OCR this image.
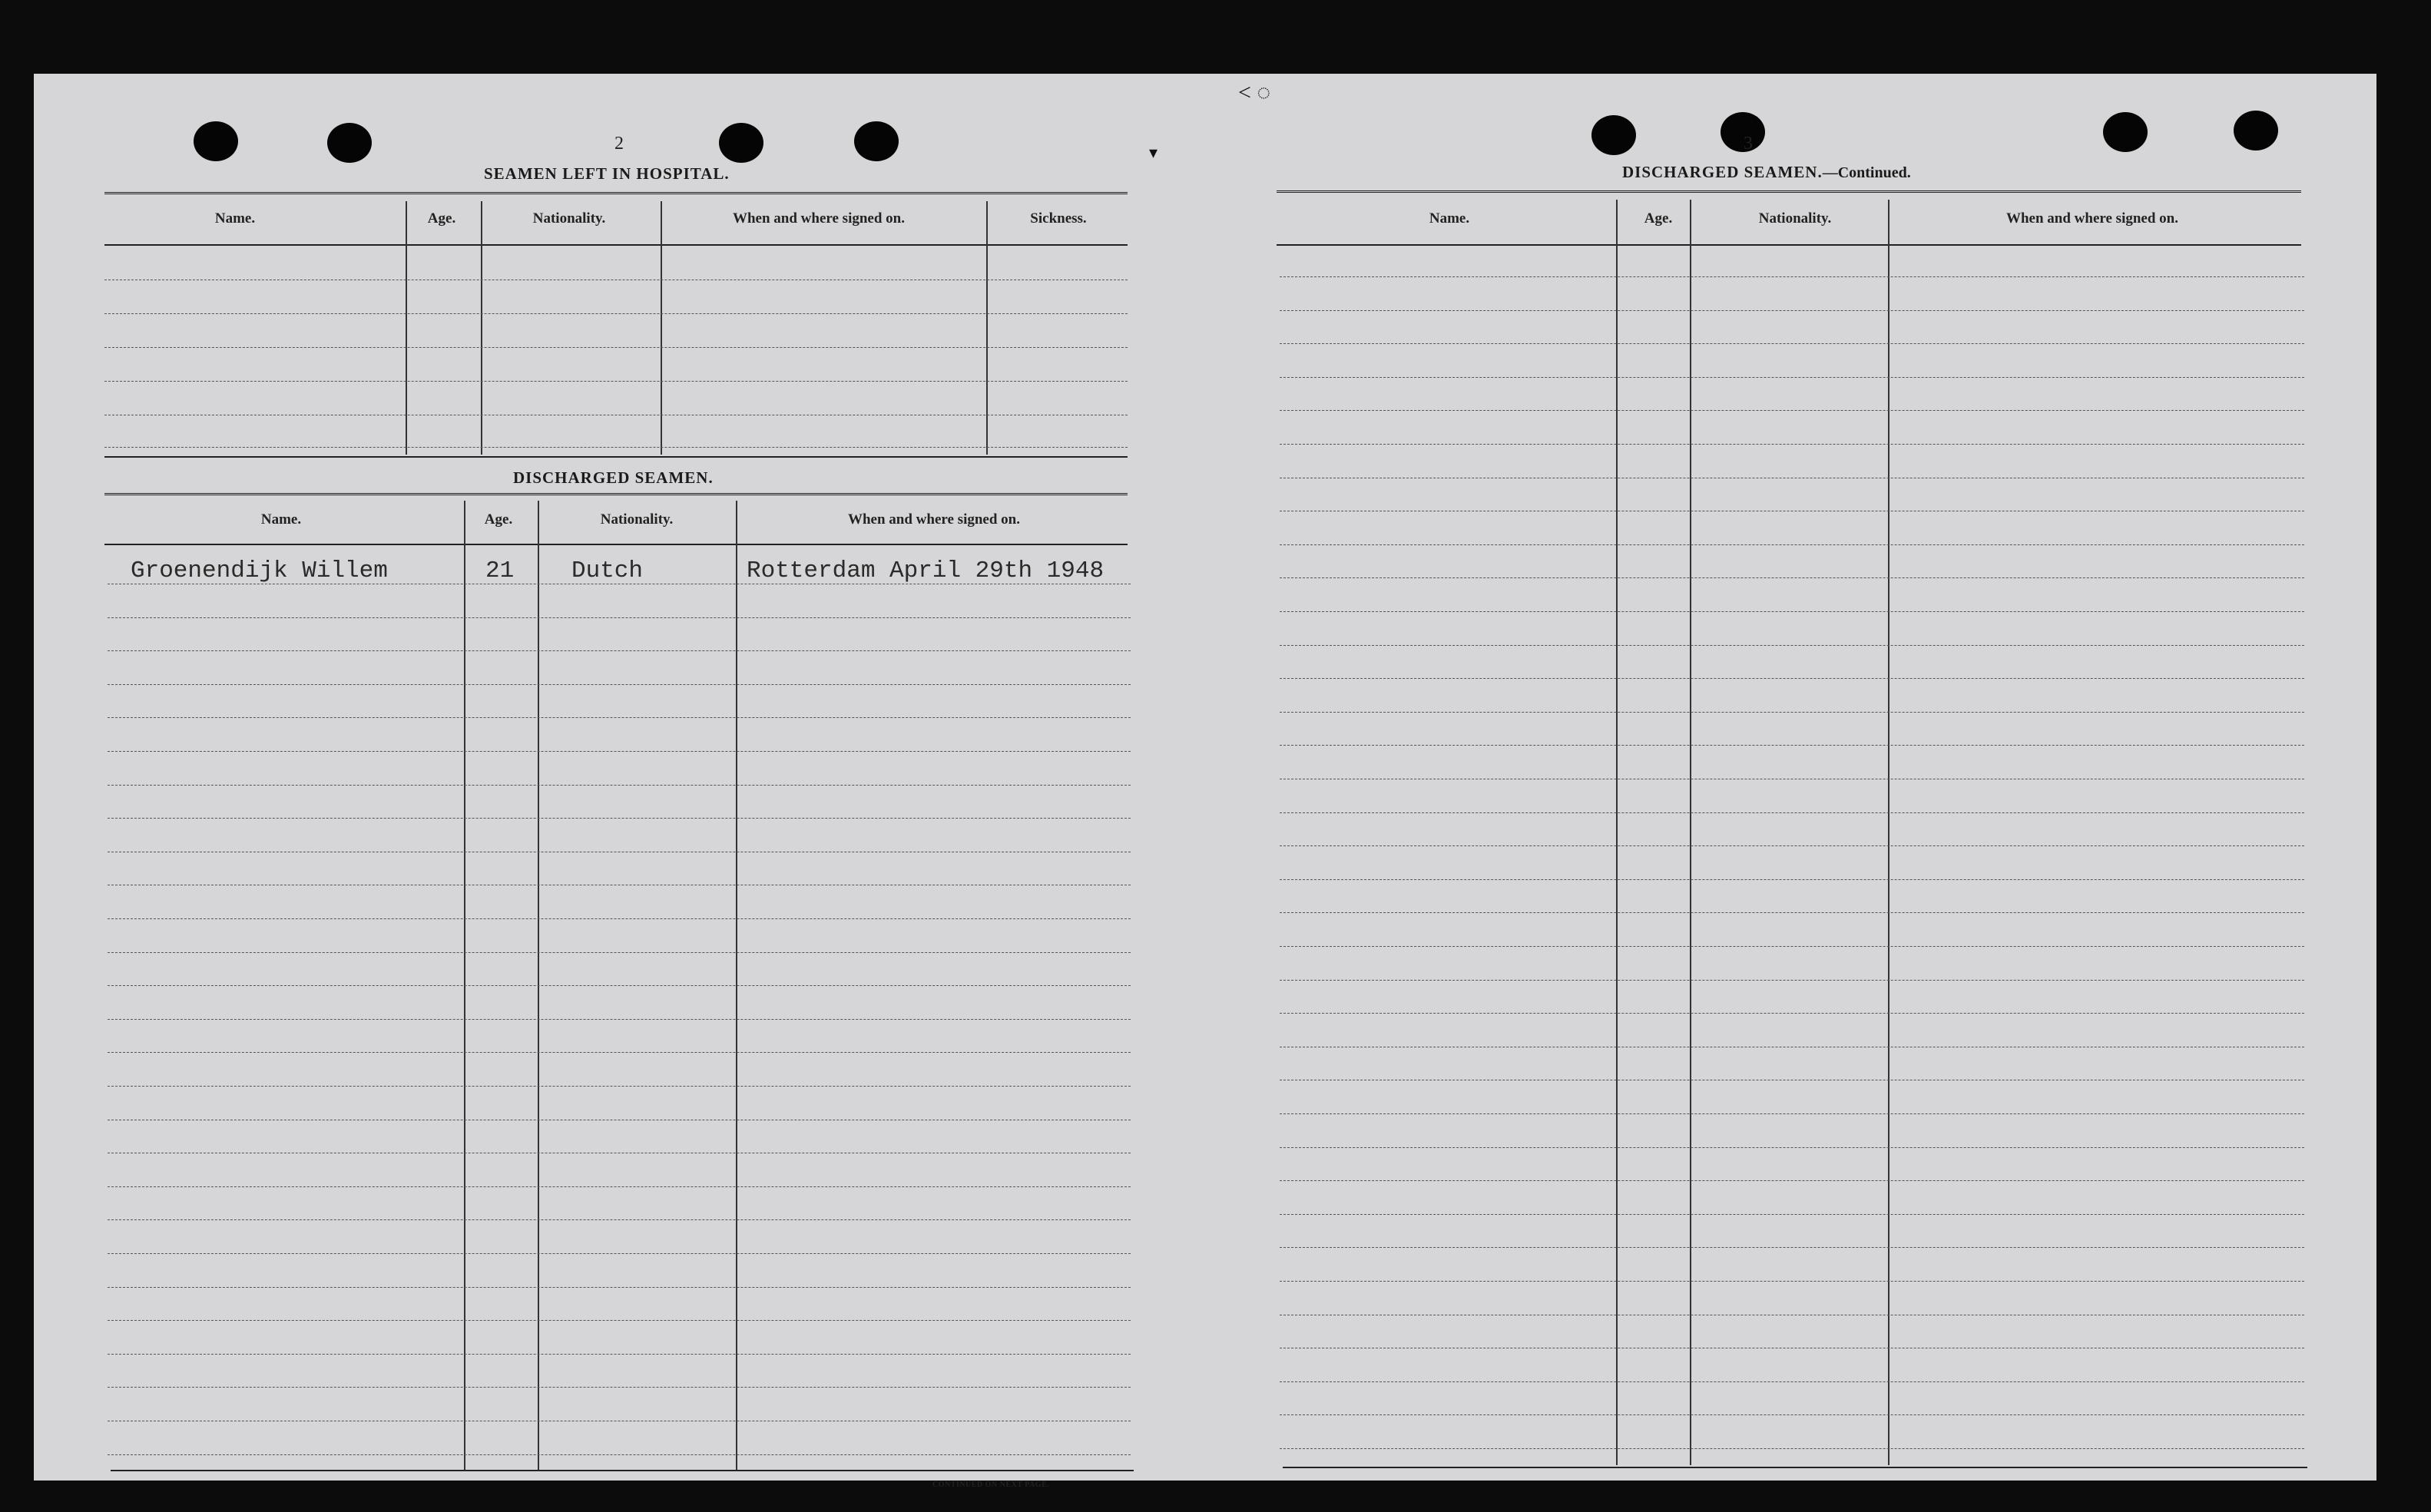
˂ ◌
▾
2
SEAMEN LEFT IN HOSPITAL.
Name.	Age.	Nationality.	When and where signed on.	Sickness.
DISCHARGED SEAMEN.
Name.	Age.	Nationality.	When and where signed on.
Groenendijk Willem	21 Dutch	Rotterdam April 29th 1948
CONTINUED ON NEXT PAGE.
3
DISCHARGED SEAMEN.—Continued.
Name.	Age.	Nationality.	When and where signed on.
